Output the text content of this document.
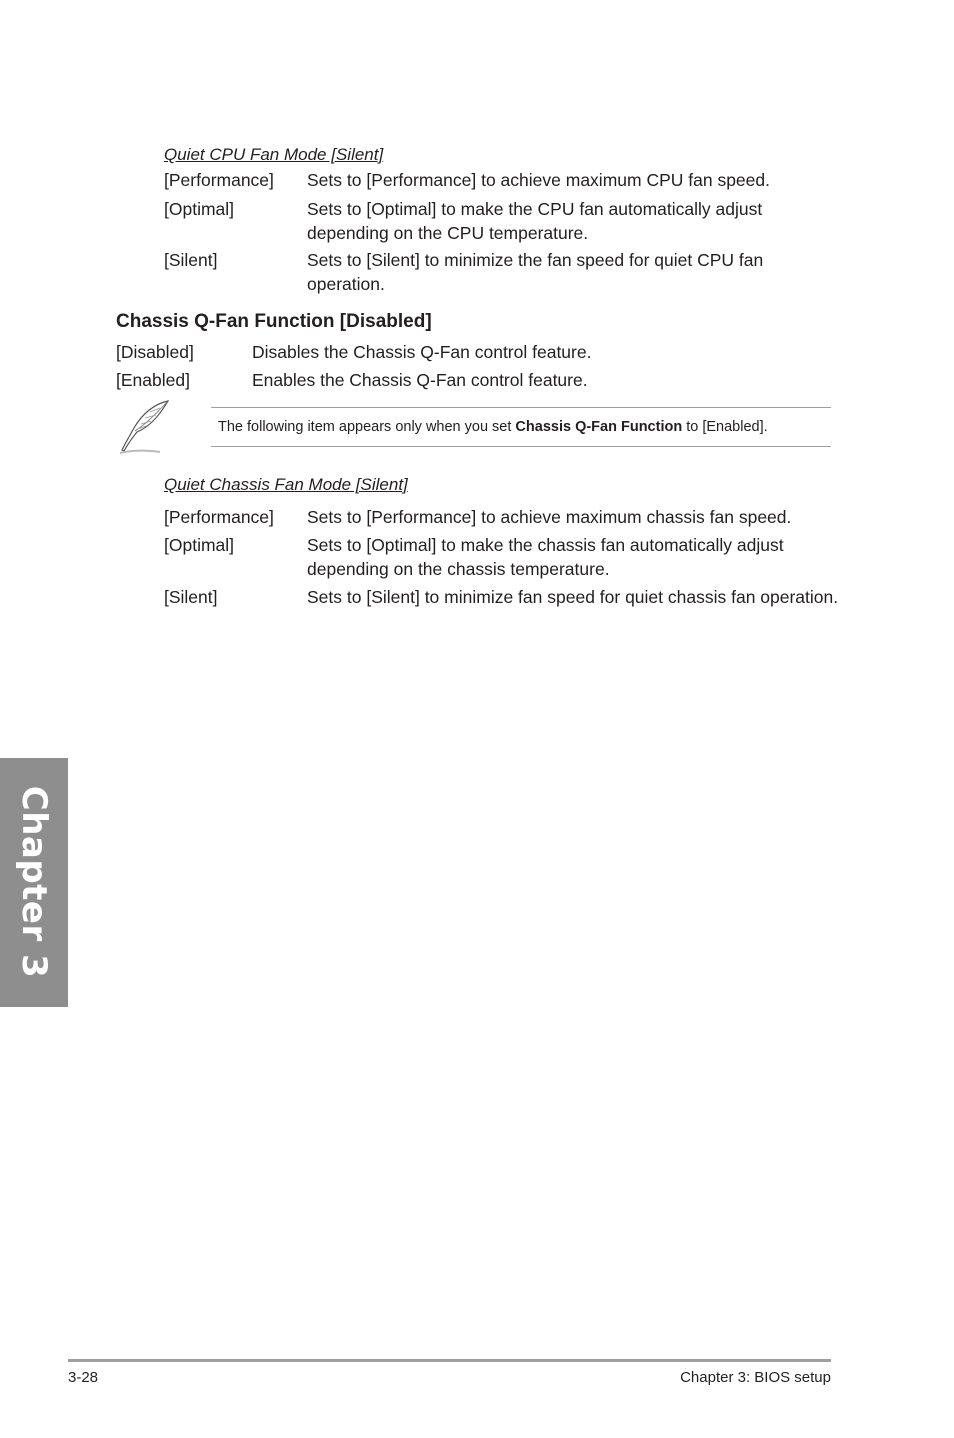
Quiet CPU Fan Mode [Silent]
[Performance] Sets to [Performance] to achieve maximum CPU fan speed.
[Optimal]	Sets to [Optimal] to make the CPU fan automatically adjust depending on the CPU temperature.
[Silent]	Sets to [Silent] to minimize the fan speed for quiet CPU fan operation.
Chassis Q-Fan Function [Disabled]
[Disabled]	Disables the Chassis Q-Fan control feature.
[Enabled]	Enables the Chassis Q-Fan control feature.
The following item appears only when you set Chassis Q-Fan Function to [Enabled].
Quiet Chassis Fan Mode [Silent]
[Performance] Sets to [Performance] to achieve maximum chassis fan speed.
[Optimal]	Sets to [Optimal] to make the chassis fan automatically adjust depending on the chassis temperature.
[Silent]	Sets to [Silent] to minimize fan speed for quiet chassis fan operation.
Chapter 3
3-28	Chapter 3: BIOS setup
